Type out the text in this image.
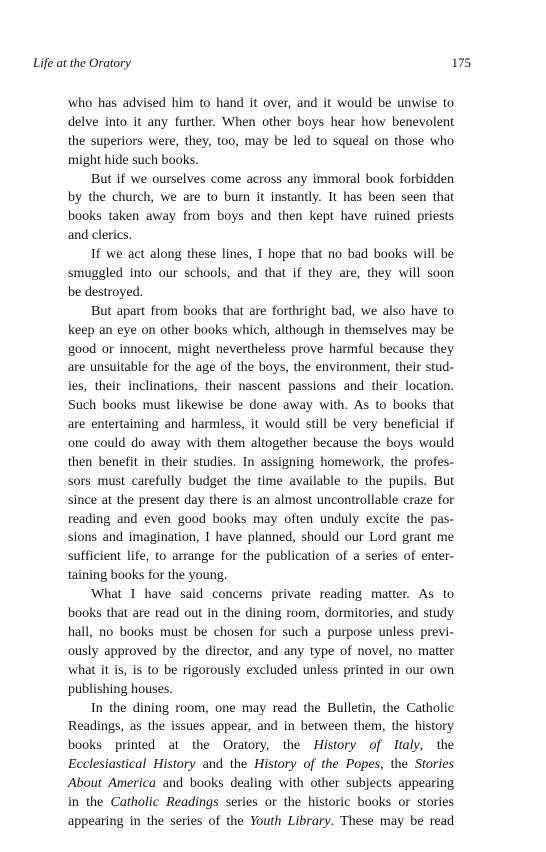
Life at the Oratory	175
who has advised him to hand it over, and it would be unwise to
delve into it any further. When other boys hear how benevolent
the superiors were, they, too, may be led to squeal on those who
might hide such books.
But if we ourselves come across any immoral book forbidden
by the church, we are to burn it instantly. It has been seen that
books taken away from boys and then kept have ruined priests
and clerics.
If we act along these lines, I hope that no bad books will be
smuggled into our schools, and that if they are, they will soon
be destroyed.
But apart from books that are forthright bad, we also have to
keep an eye on other books which, although in themselves may be
good or innocent, might nevertheless prove harmful because they
are unsuitable for the age of the boys, the environment, their stud-
ies, their inclinations, their nascent passions and their location.
Such books must likewise be done away with. As to books that
are entertaining and harmless, it would still be very beneficial if
one could do away with them altogether because the boys would
then benefit in their studies. In assigning homework, the profes-
sors must carefully budget the time available to the pupils. But
since at the present day there is an almost uncontrollable craze for
reading and even good books may often unduly excite the pas-
sions and imagination, I have planned, should our Lord grant me
sufficient life, to arrange for the publication of a series of enter-
taining books for the young.
What I have said concerns private reading matter. As to
books that are read out in the dining room, dormitories, and study
hall, no books must be chosen for such a purpose unless previ-
ously approved by the director, and any type of novel, no matter
what it is, is to be rigorously excluded unless printed in our own
publishing houses.
In the dining room, one may read the Bulletin, the Catholic
Readings, as the issues appear, and in between them, the history
books printed at the Oratory, the History of Italy, the
Ecclesiastical History and the History of the Popes, the Stories
About America and books dealing with other subjects appearing
in the Catholic Readings series or the historic books or stories
appearing in the series of the Youth Library. These may be read
